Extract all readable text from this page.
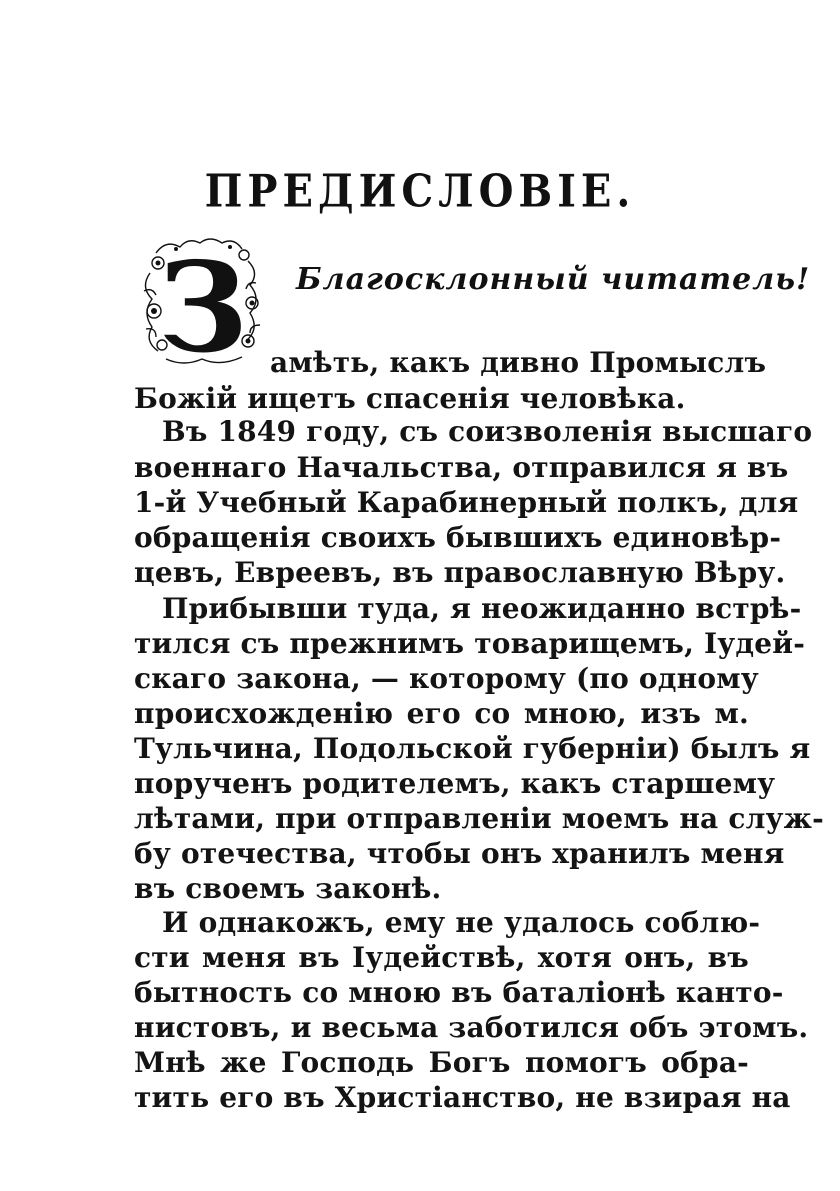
ПРЕДИСЛОВІЕ.
З Благосклонный читатель!
амѣть, какъ дивно Промыслъ
Божій ищетъ спасенія человѣка.
Въ 1849 году, съ соизволенія высшаго
военнаго Начальства, отправился я въ
1-й Учебный Карабинерный полкъ, для
обращенія своихъ бывшихъ единовѣр-
цевъ, Евреевъ, въ православную Вѣру.
Прибывши туда, я неожиданно встрѣ-
тился съ прежнимъ товарищемъ, Іудей-
скаго закона, — которому (по одному
происхожденію его со мною, изъ м.
Тульчина, Подольской губерніи) былъ я
порученъ родителемъ, какъ старшему
лѣтами, при отправленіи моемъ на служ-
бу отечества, чтобы онъ хранилъ меня
въ своемъ законѣ.
И однакожъ, ему не удалось соблю-
сти меня въ Іудействѣ, хотя онъ, въ
бытность со мною въ баталіонѣ канто-
нистовъ, и весьма заботился объ этомъ.
Мнѣ же Господь Богъ помогъ обра-
тить его въ Христіанство, не взирая на
